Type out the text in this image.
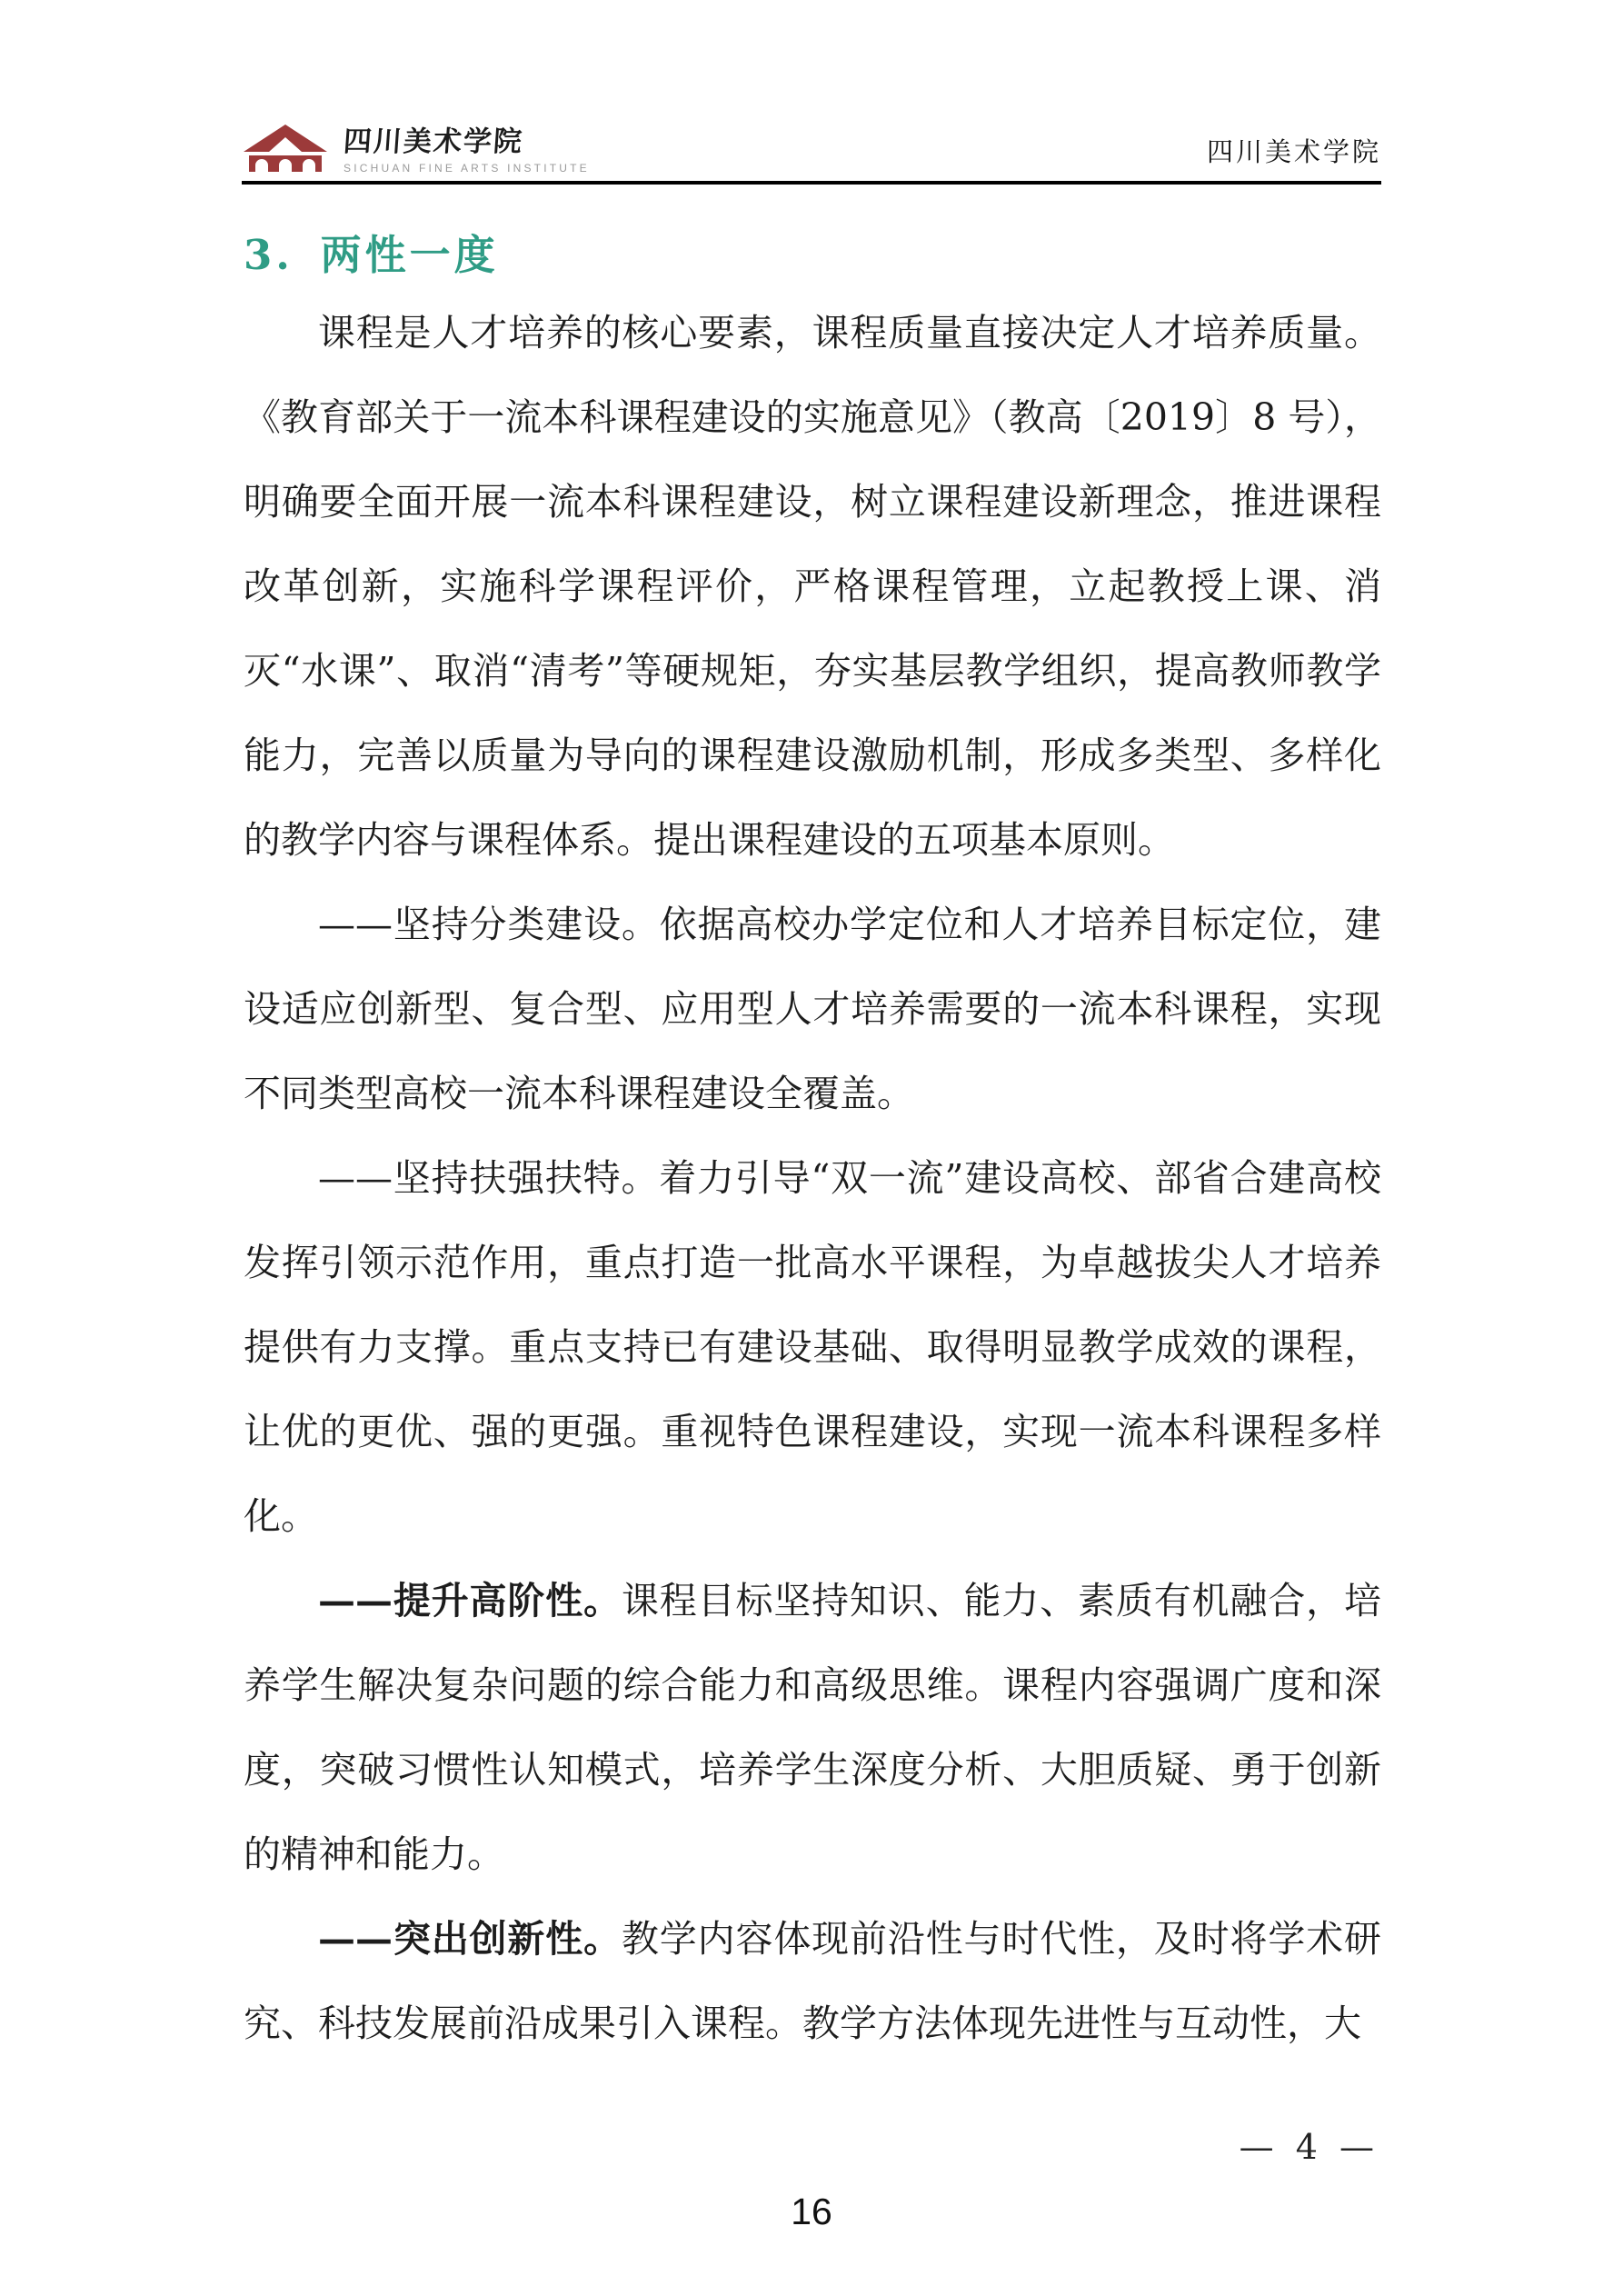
四川美术学院
SICHUAN FINE ARTS INSTITUTE
四川美术学院
3. 两性一度

课程是人才培养的核心要素，课程质量直接决定人才培养质量。《教育部关于一流本科课程建设的实施意见》（教高〔2019〕8 号），明确要全面开展一流本科课程建设，树立课程建设新理念，推进课程改革创新，实施科学课程评价，严格课程管理，立起教授上课、消灭“水课”、取消“清考”等硬规矩，夯实基层教学组织，提高教师教学能力，完善以质量为导向的课程建设激励机制，形成多类型、多样化的教学内容与课程体系。提出课程建设的五项基本原则。

——坚持分类建设。依据高校办学定位和人才培养目标定位，建设适应创新型、复合型、应用型人才培养需要的一流本科课程，实现不同类型高校一流本科课程建设全覆盖。

——坚持扶强扶特。着力引导“双一流”建设高校、部省合建高校发挥引领示范作用，重点打造一批高水平课程，为卓越拔尖人才培养提供有力支撑。重点支持已有建设基础、取得明显教学成效的课程，让优的更优、强的更强。重视特色课程建设，实现一流本科课程多样化。

——提升高阶性。课程目标坚持知识、能力、素质有机融合，培养学生解决复杂问题的综合能力和高级思维。课程内容强调广度和深度，突破习惯性认知模式，培养学生深度分析、大胆质疑、勇于创新的精神和能力。

——突出创新性。教学内容体现前沿性与时代性，及时将学术研究、科技发展前沿成果引入课程。教学方法体现先进性与互动性，大

— 4 —
16
